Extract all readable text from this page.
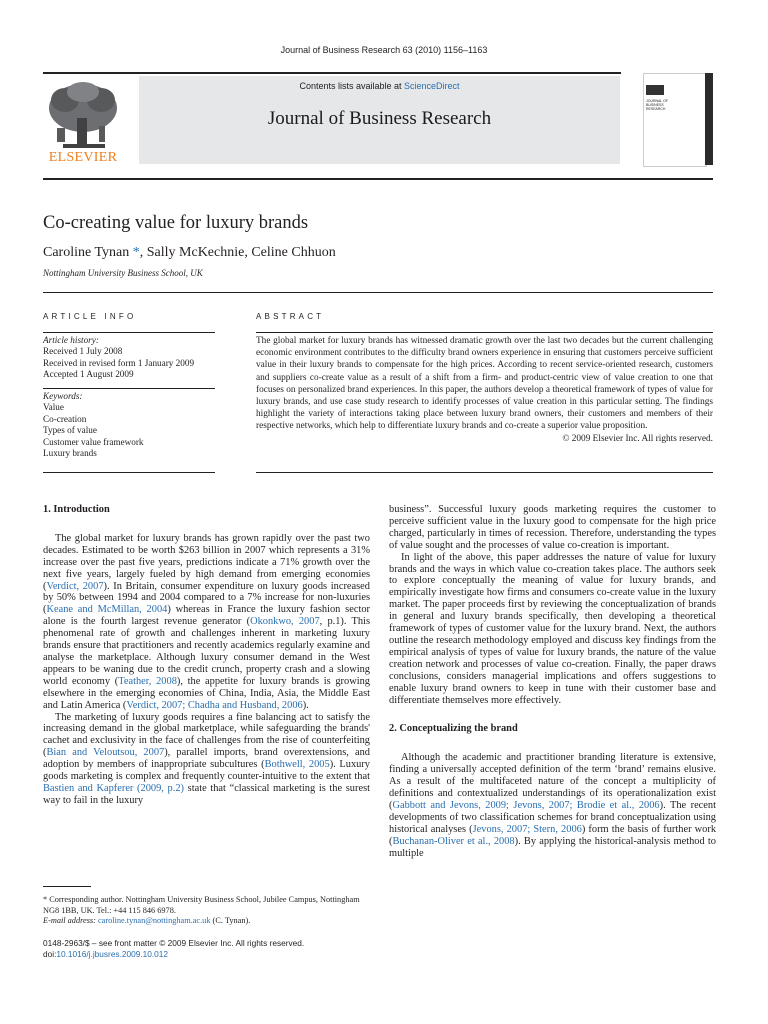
Journal of Business Research 63 (2010) 1156–1163
ELSEVIER
Contents lists available at ScienceDirect
Journal of Business Research
JOURNAL OF BUSINESS RESEARCH
Co-creating value for luxury brands
Caroline Tynan *, Sally McKechnie, Celine Chhuon
Nottingham University Business School, UK
ARTICLE INFO	ABSTRACT
Article history:
Received 1 July 2008
Received in revised form 1 January 2009
Accepted 1 August 2009
Keywords:
Value
Co-creation
Types of value
Customer value framework
Luxury brands
The global market for luxury brands has witnessed dramatic growth over the last two decades but the current challenging economic environment contributes to the difficulty brand owners experience in ensuring that customers perceive sufficient value in their luxury brands to compensate for the high prices. According to recent service-oriented research, customers and suppliers co-create value as a result of a shift from a firm- and product-centric view of value creation to one that focuses on personalized brand experiences. In this paper, the authors develop a theoretical framework of types of value for luxury brands, and use case study research to identify processes of value creation in this particular setting. The findings highlight the variety of interactions taking place between luxury brand owners, their customers and members of their respective networks, which help to differentiate luxury brands and co-create a superior value proposition.
© 2009 Elsevier Inc. All rights reserved.
1. Introduction

The global market for luxury brands has grown rapidly over the past two decades. Estimated to be worth $263 billion in 2007 which represents a 31% increase over the past five years, predictions indicate a 71% growth over the next five years, largely fueled by high demand from emerging economies (Verdict, 2007). In Britain, consumer expenditure on luxury goods increased by 50% between 1994 and 2004 compared to a 7% increase for non-luxuries (Keane and McMillan, 2004) whereas in France the luxury fashion sector alone is the fourth largest revenue generator (Okonkwo, 2007, p.1). This phenomenal rate of growth and challenges inherent in marketing luxury brands ensure that practitioners and recently academics regularly examine and analyse the marketplace. Although luxury consumer demand in the West appears to be waning due to the credit crunch, property crash and a slowing world economy (Teather, 2008), the appetite for luxury brands is growing elsewhere in the emerging economies of China, India, Asia, the Middle East and Latin America (Verdict, 2007; Chadha and Husband, 2006).

The marketing of luxury goods requires a fine balancing act to satisfy the increasing demand in the global marketplace, while safeguarding the brands' cachet and exclusivity in the face of challenges from the rise of counterfeiting (Bian and Veloutsou, 2007), parallel imports, brand overextensions, and adoption by members of inappropriate subcultures (Bothwell, 2005). Luxury goods marketing is complex and frequently counter-intuitive to the extent that Bastien and Kapferer (2009, p.2) state that “classical marketing is the surest way to fail in the luxury

business”. Successful luxury goods marketing requires the customer to perceive sufficient value in the luxury good to compensate for the high price charged, particularly in times of recession. Therefore, understanding the types of value sought and the processes of value co-creation is important.

In light of the above, this paper addresses the nature of value for luxury brands and the ways in which value co-creation takes place. The authors seek to explore conceptually the meaning of value for luxury brands, and empirically investigate how firms and consumers co-create value in the luxury market. The paper proceeds first by reviewing the conceptualization of brands in general and luxury brands specifically, then developing a theoretical framework of types of customer value for the luxury brand. Next, the authors outline the research methodology employed and discuss key findings from the empirical analysis of types of value for luxury brands, the nature of the value creation network and processes of value co-creation. Finally, the paper draws conclusions, considers managerial implications and offers suggestions to enable luxury brand owners to keep in tune with their customer base and differentiate themselves more effectively.

2. Conceptualizing the brand

Although the academic and practitioner branding literature is extensive, finding a universally accepted definition of the term ‘brand’ remains elusive. As a result of the multifaceted nature of the concept a multiplicity of definitions and contextualized understandings of its operationalization exist (Gabbott and Jevons, 2009; Jevons, 2007; Brodie et al., 2006). The recent developments of two classification schemes for brand conceptualization using historical analyses (Jevons, 2007; Stern, 2006) form the basis of further work (Buchanan-Oliver et al., 2008). By applying the historical-analysis method to multiple

* Corresponding author. Nottingham University Business School, Jubilee Campus, Nottingham NG8 1BB, UK. Tel.: +44 115 846 6978.
E-mail address: caroline.tynan@nottingham.ac.uk (C. Tynan).
0148-2963/$ – see front matter © 2009 Elsevier Inc. All rights reserved.
doi:10.1016/j.jbusres.2009.10.012
